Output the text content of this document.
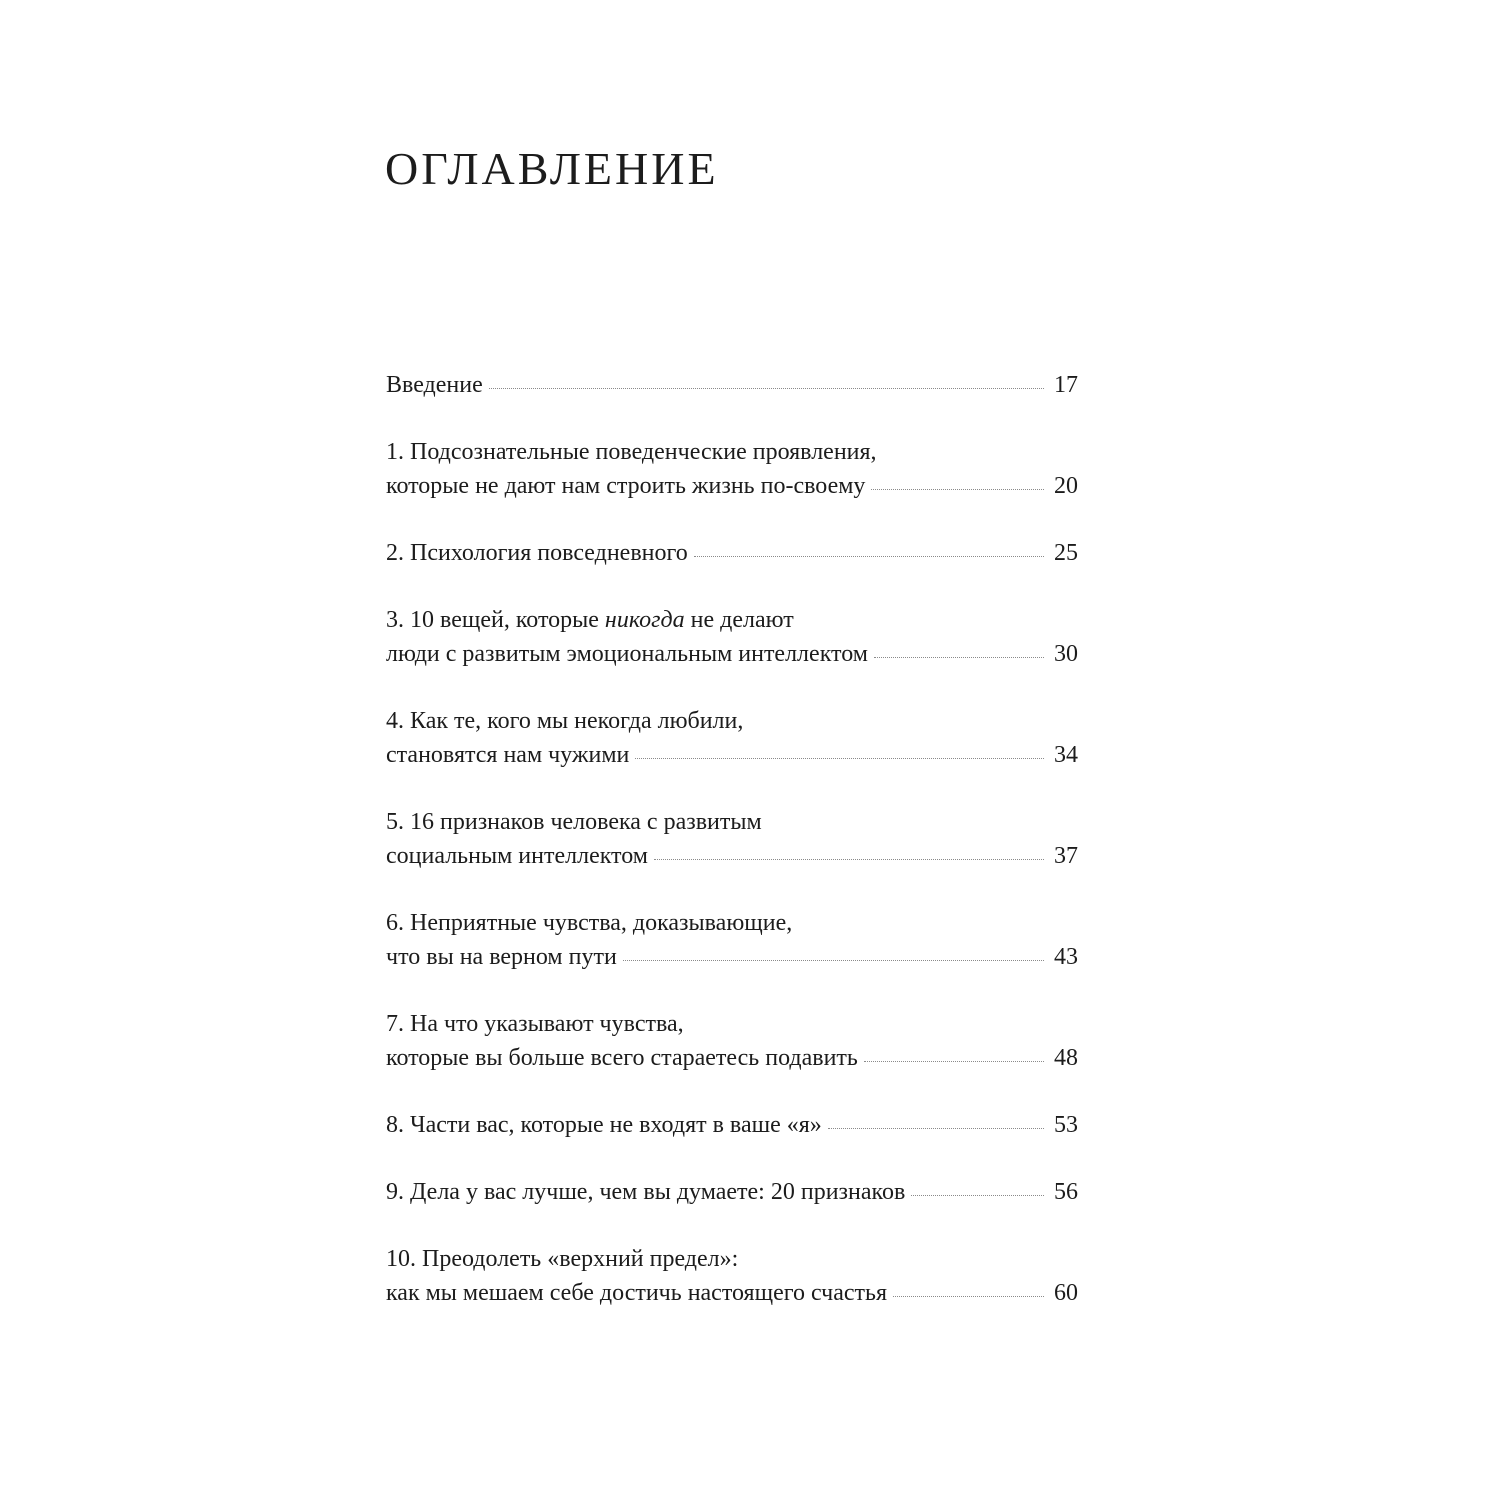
ОГЛАВЛЕНИЕ
Введение	17
1. Подсознательные поведенческие проявления,
которые не дают нам строить жизнь по-своему	20
2. Психология повседневного	25
3. 10 вещей, которые никогда не делают
люди с развитым эмоциональным интеллектом	30
4. Как те, кого мы некогда любили,
становятся нам чужими	34
5. 16 признаков человека с развитым
социальным интеллектом	37
6. Неприятные чувства, доказывающие,
что вы на верном пути	43
7. На что указывают чувства,
которые вы больше всего стараетесь подавить	48
8. Части вас, которые не входят в ваше «я»	53
9. Дела у вас лучше, чем вы думаете: 20 признаков	56
10. Преодолеть «верхний предел»:
как мы мешаем себе достичь настоящего счастья	60
